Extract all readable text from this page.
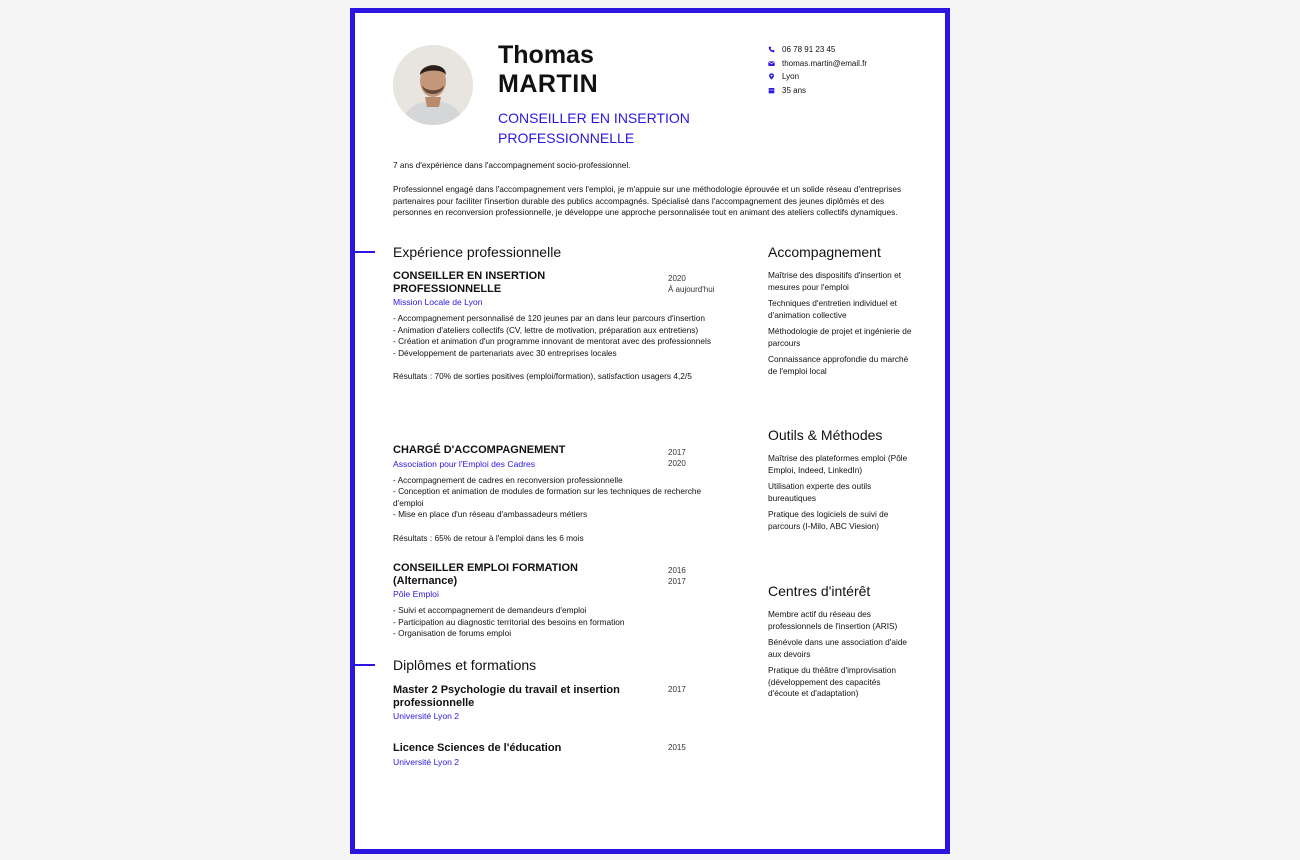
Thomas
MARTIN
CONSEILLER EN INSERTION PROFESSIONNELLE
06 78 91 23 45
thomas.martin@email.fr
Lyon
35 ans
7 ans d'expérience dans l'accompagnement socio-professionnel.
Professionnel engagé dans l'accompagnement vers l'emploi, je m'appuie sur une méthodologie éprouvée et un solide réseau d'entreprises partenaires pour faciliter l'insertion durable des publics accompagnés. Spécialisé dans l'accompagnement des jeunes diplômés et des personnes en reconversion professionnelle, je développe une approche personnalisée tout en animant des ateliers collectifs dynamiques.
Expérience professionnelle
CONSEILLER EN INSERTION PROFESSIONNELLE
2020
À aujourd'hui
Mission Locale de Lyon
- Accompagnement personnalisé de 120 jeunes par an dans leur parcours d'insertion
- Animation d'ateliers collectifs (CV, lettre de motivation, préparation aux entretiens)
- Création et animation d'un programme innovant de mentorat avec des professionnels
- Développement de partenariats avec 30 entreprises locales
Résultats : 70% de sorties positives (emploi/formation), satisfaction usagers 4,2/5
CHARGÉ D'ACCOMPAGNEMENT	2017
2020
Association pour l'Emploi des Cadres
- Accompagnement de cadres en reconversion professionnelle
- Conception et animation de modules de formation sur les techniques de recherche d'emploi
- Mise en place d'un réseau d'ambassadeurs métiers
Résultats : 65% de retour à l'emploi dans les 6 mois
CONSEILLER EMPLOI FORMATION (Alternance)
2016
2017
Pôle Emploi
- Suivi et accompagnement de demandeurs d'emploi
- Participation au diagnostic territorial des besoins en formation
- Organisation de forums emploi
Diplômes et formations
Master 2 Psychologie du travail et insertion professionnelle
2017
Université Lyon 2
Licence Sciences de l'éducation	2015
Université Lyon 2
Accompagnement
Maîtrise des dispositifs d'insertion et mesures pour l'emploi
Techniques d'entretien individuel et d'animation collective
Méthodologie de projet et ingénierie de parcours
Connaissance approfondie du marché de l'emploi local
Outils & Méthodes
Maîtrise des plateformes emploi (Pôle Emploi, Indeed, LinkedIn)
Utilisation experte des outils bureautiques
Pratique des logiciels de suivi de parcours (I-Milo, ABC Viesion)
Centres d'intérêt
Membre actif du réseau des professionnels de l'insertion (ARIS)
Bénévole dans une association d'aide aux devoirs
Pratique du théâtre d'improvisation (développement des capacités d'écoute et d'adaptation)
